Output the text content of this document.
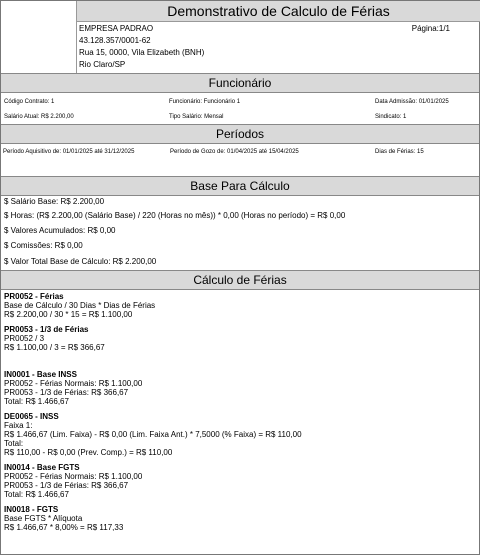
Demonstrativo de Calculo de Férias
EMPRESA PADRAO
43.128.357/0001-62
Rua 15, 0000, Vila Elizabeth (BNH)
Rio Claro/SP
Página:1/1
Funcionário
Código Contrato: 1	Funcionário: Funcionário 1	Data Admissão: 01/01/2025
Salário Atual: R$ 2.200,00	Tipo Salário: Mensal	Sindicato: 1
Períodos
Período Aquisitivo de: 01/01/2025 até 31/12/2025	Período de Gozo de: 01/04/2025 até 15/04/2025	Dias de Férias: 15
Base Para Cálculo
$ Salário Base: R$ 2.200,00
$ Horas: (R$ 2.200,00 (Salário Base) / 220 (Horas no mês)) * 0,00 (Horas no período) = R$ 0,00
$ Valores Acumulados: R$ 0,00
$ Comissões: R$ 0,00
$ Valor Total Base de Cálculo: R$ 2.200,00
Cálculo de Férias
PR0052 - Férias
Base de Cálculo / 30 Dias * Dias de Férias
R$ 2.200,00 / 30 * 15 = R$ 1.100,00
PR0053 - 1/3 de Férias
PR0052 / 3
R$ 1.100,00 / 3 = R$ 366,67
IN0001 - Base INSS
PR0052 - Férias Normais: R$ 1.100,00
PR0053 - 1/3 de Férias: R$ 366,67
Total: R$ 1.466,67
DE0065 - INSS
Faixa 1:
R$ 1.466,67 (Lim. Faixa) - R$ 0,00 (Lim. Faixa Ant.) * 7,5000 (% Faixa) = R$ 110,00
Total:
R$ 110,00 - R$ 0,00 (Prev. Comp.) = R$ 110,00
IN0014 - Base FGTS
PR0052 - Férias Normais: R$ 1.100,00
PR0053 - 1/3 de Férias: R$ 366,67
Total: R$ 1.466,67
IN0018 - FGTS
Base FGTS * Alíquota
R$ 1.466,67 * 8,00% = R$ 117,33
